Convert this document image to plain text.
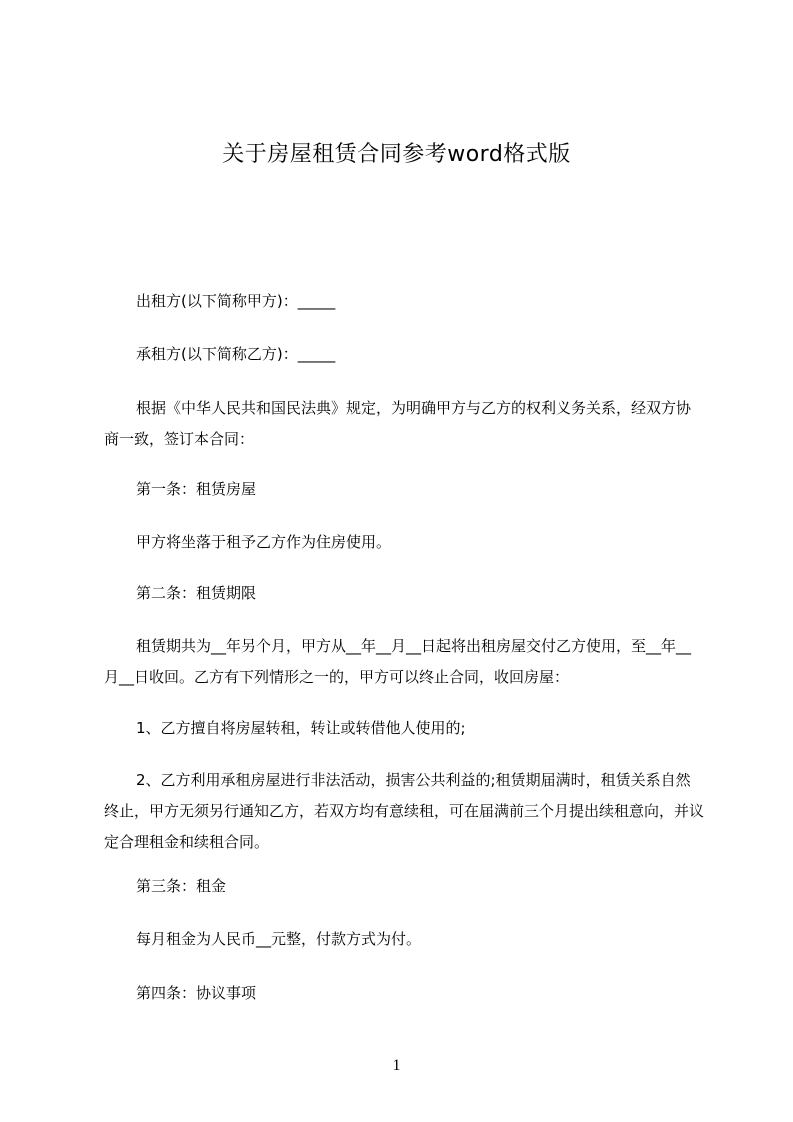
关于房屋租赁合同参考word格式版
出租方(以下简称甲方)：_____
承租方(以下简称乙方)：_____
根据《中华人民共和国民法典》规定，为明确甲方与乙方的权利义务关系，经双方协商一致，签订本合同：
第一条：租赁房屋
甲方将坐落于租予乙方作为住房使用。
第二条：租赁期限
租赁期共为__年另个月，甲方从__年__月__日起将出租房屋交付乙方使用，至__年__月__日收回。乙方有下列情形之一的，甲方可以终止合同，收回房屋：
1、乙方擅自将房屋转租，转让或转借他人使用的;
2、乙方利用承租房屋进行非法活动，损害公共利益的;租赁期届满时，租赁关系自然终止，甲方无须另行通知乙方，若双方均有意续租，可在届满前三个月提出续租意向，并议定合理租金和续租合同。
第三条：租金
每月租金为人民币__元整，付款方式为付。
第四条：协议事项
1
